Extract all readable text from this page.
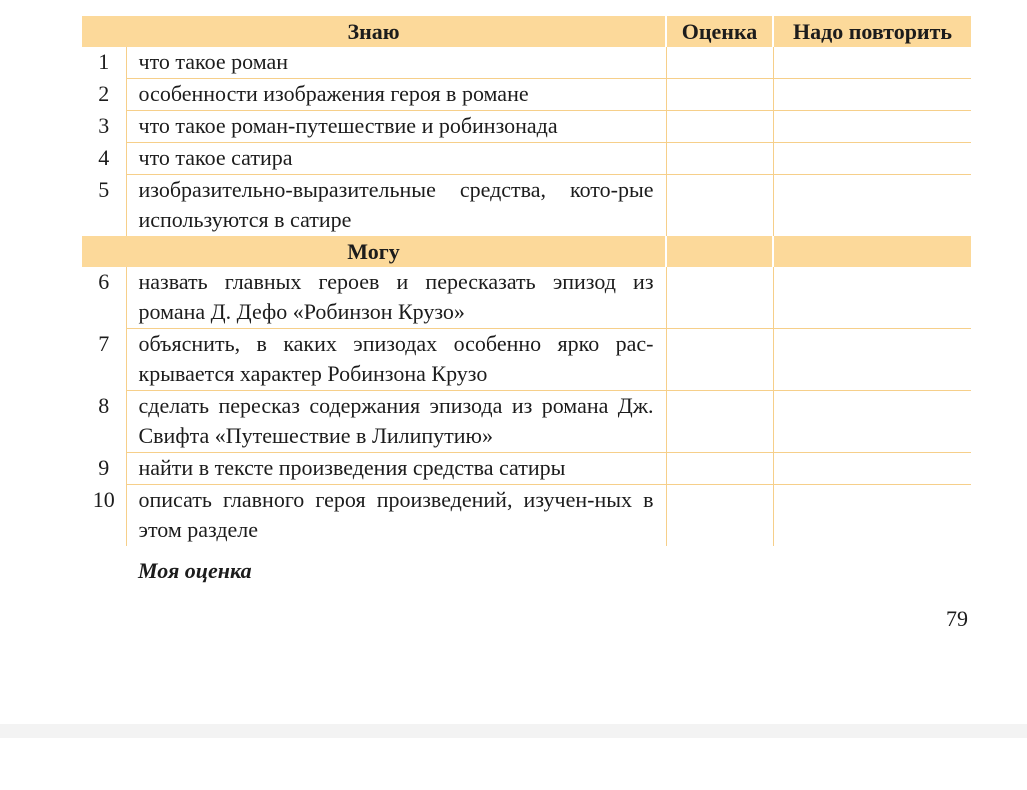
Знаю		Оценка	Надо повторить
1	что такое роман		
2	особенности изображения героя в романе		
3	что такое роман-путешествие и робинзонада		
4	что такое сатира		
5	изобразительно-выразительные средства, кото-рые используются в сатире		
Могу			
6	назвать главных героев и пересказать эпизод из романа Д. Дефо «Робинзон Крузо»		
7	объяснить, в каких эпизодах особенно ярко рас-крывается характер Робинзона Крузо		
8	сделать пересказ содержания эпизода из романа Дж. Свифта «Путешествие в Лилипутию»		
9	найти в тексте произведения средства сатиры		
10	описать главного героя произведений, изучен-ных в этом разделе		
Моя оценка
79
